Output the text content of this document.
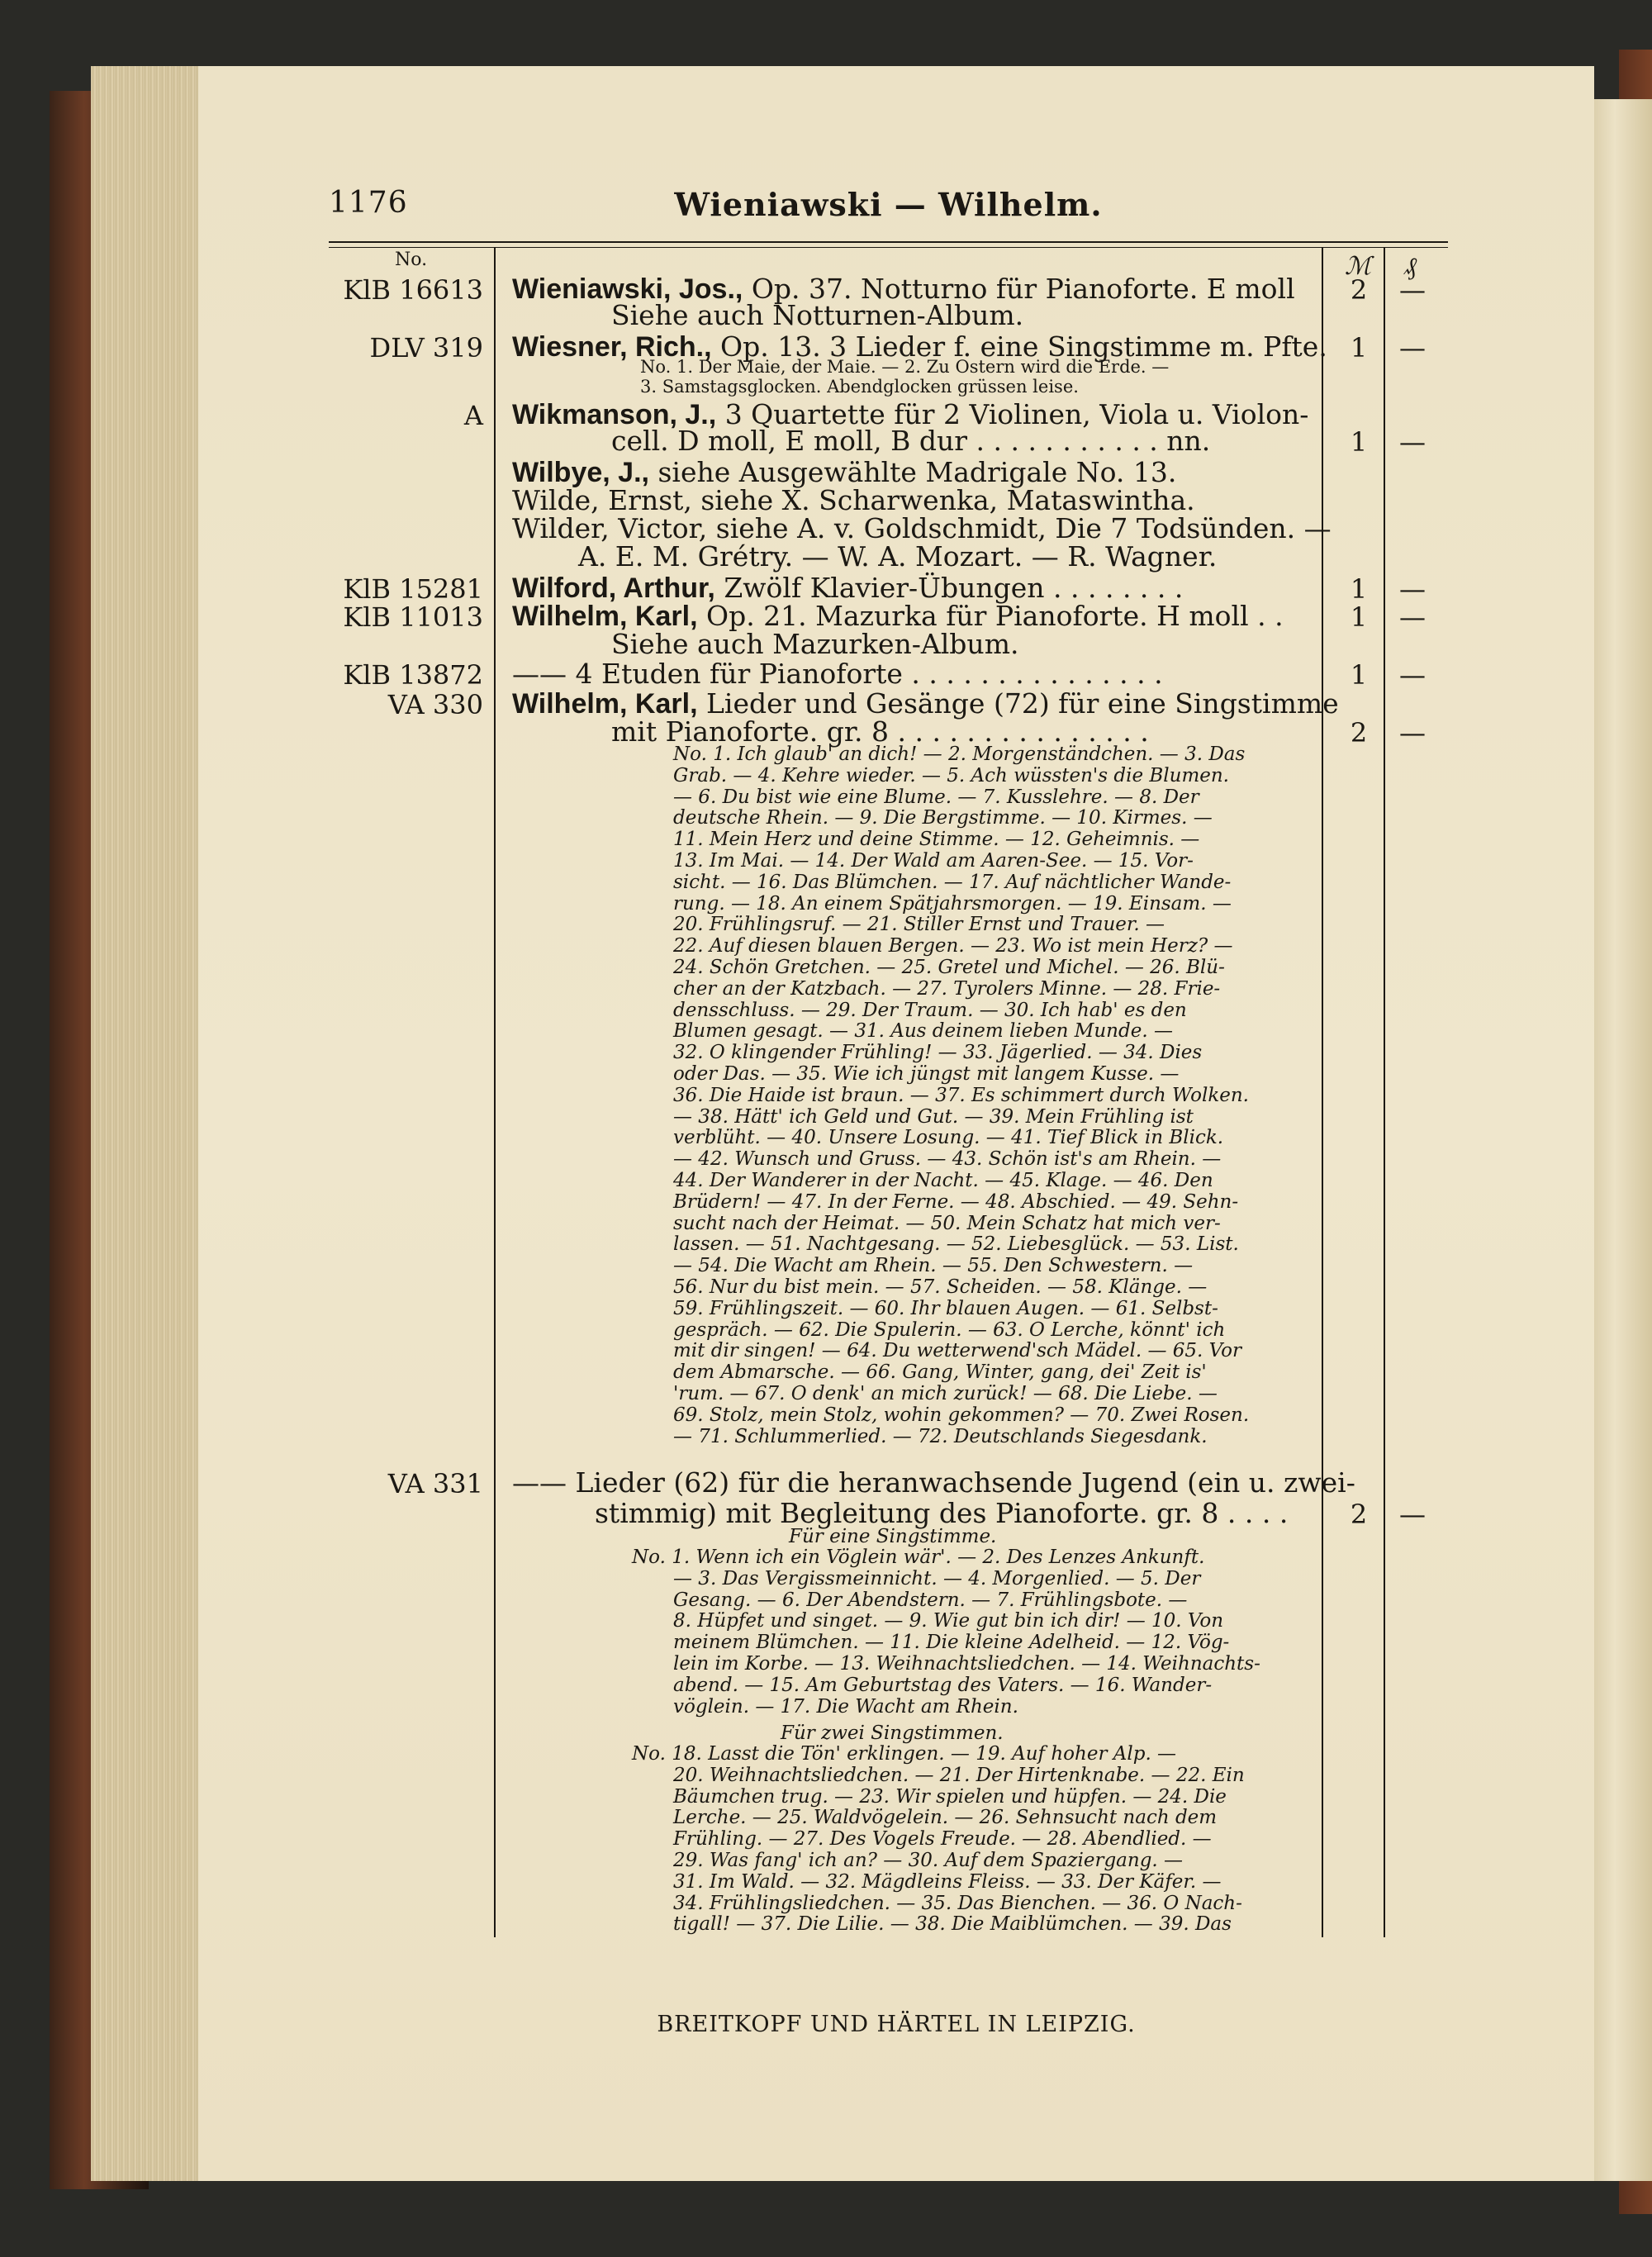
BREITKOPF UND HÄRTEL IN LEIPZIG.
1176	Wieniawski — Wilhelm.
No.	ℳ ₰
KlB 16613 Wieniawski, Jos., Op. 37. Notturno für Pianoforte. E moll	2	—
Siehe auch Notturnen-Album.
DLV 319 Wiesner, Rich., Op. 13. 3 Lieder f. eine Singstimme m. Pfte. 1	—
No. 1. Der Maie, der Maie. — 2. Zu Ostern wird die Erde. —
3. Samstagsglocken. Abendglocken grüssen leise.
A Wikmanson, J., 3 Quartette für 2 Violinen, Viola u. Violon-
cell. D moll, E moll, B dur . . . . . . . . . . . nn.	1	—
Wilbye, J., siehe Ausgewählte Madrigale No. 13.
Wilde, Ernst, siehe X. Scharwenka, Mataswintha.
Wilder, Victor, siehe A. v. Goldschmidt, Die 7 Todsünden. —
A. E. M. Grétry. — W. A. Mozart. — R. Wagner.
KlB 15281 Wilford, Arthur, Zwölf Klavier-Übungen . . . . . . . .	1	—
KlB 11013 Wilhelm, Karl, Op. 21. Mazurka für Pianoforte. H moll . .	1	—
Siehe auch Mazurken-Album.
KlB 13872 —— 4 Etuden für Pianoforte . . . . . . . . . . . . . . .	1	—
VA 330 Wilhelm, Karl, Lieder und Gesänge (72) für eine Singstimme
mit Pianoforte. gr. 8 . . . . . . . . . . . . . . .	2	—
No. 1. Ich glaub' an dich! — 2. Morgenständchen. — 3. Das
Grab. — 4. Kehre wieder. — 5. Ach wüssten's die Blumen.
— 6. Du bist wie eine Blume. — 7. Kusslehre. — 8. Der
deutsche Rhein. — 9. Die Bergstimme. — 10. Kirmes. —
11. Mein Herz und deine Stimme. — 12. Geheimnis. —
13. Im Mai. — 14. Der Wald am Aaren-See. — 15. Vor-
sicht. — 16. Das Blümchen. — 17. Auf nächtlicher Wande-
rung. — 18. An einem Spätjahrsmorgen. — 19. Einsam. —
20. Frühlingsruf. — 21. Stiller Ernst und Trauer. —
22. Auf diesen blauen Bergen. — 23. Wo ist mein Herz? —
24. Schön Gretchen. — 25. Gretel und Michel. — 26. Blü-
cher an der Katzbach. — 27. Tyrolers Minne. — 28. Frie-
densschluss. — 29. Der Traum. — 30. Ich hab' es den
Blumen gesagt. — 31. Aus deinem lieben Munde. —
32. O klingender Frühling! — 33. Jägerlied. — 34. Dies
oder Das. — 35. Wie ich jüngst mit langem Kusse. —
36. Die Haide ist braun. — 37. Es schimmert durch Wolken.
— 38. Hätt' ich Geld und Gut. — 39. Mein Frühling ist
verblüht. — 40. Unsere Losung. — 41. Tief Blick in Blick.
— 42. Wunsch und Gruss. — 43. Schön ist's am Rhein. —
44. Der Wanderer in der Nacht. — 45. Klage. — 46. Den
Brüdern! — 47. In der Ferne. — 48. Abschied. — 49. Sehn-
sucht nach der Heimat. — 50. Mein Schatz hat mich ver-
lassen. — 51. Nachtgesang. — 52. Liebesglück. — 53. List.
— 54. Die Wacht am Rhein. — 55. Den Schwestern. —
56. Nur du bist mein. — 57. Scheiden. — 58. Klänge. —
59. Frühlingszeit. — 60. Ihr blauen Augen. — 61. Selbst-
gespräch. — 62. Die Spulerin. — 63. O Lerche, könnt' ich
mit dir singen! — 64. Du wetterwend'sch Mädel. — 65. Vor
dem Abmarsche. — 66. Gang, Winter, gang, dei' Zeit is'
'rum. — 67. O denk' an mich zurück! — 68. Die Liebe. —
69. Stolz, mein Stolz, wohin gekommen? — 70. Zwei Rosen.
— 71. Schlummerlied. — 72. Deutschlands Siegesdank.
VA 331 —— Lieder (62) für die heranwachsende Jugend (ein u. zwei-
stimmig) mit Begleitung des Pianoforte. gr. 8 . . . .	2	—
Für eine Singstimme.
No. 1. Wenn ich ein Vöglein wär'. — 2. Des Lenzes Ankunft.
— 3. Das Vergissmeinnicht. — 4. Morgenlied. — 5. Der
Gesang. — 6. Der Abendstern. — 7. Frühlingsbote. —
8. Hüpfet und singet. — 9. Wie gut bin ich dir! — 10. Von
meinem Blümchen. — 11. Die kleine Adelheid. — 12. Vög-
lein im Korbe. — 13. Weihnachtsliedchen. — 14. Weihnachts-
abend. — 15. Am Geburtstag des Vaters. — 16. Wander-
vöglein. — 17. Die Wacht am Rhein.
Für zwei Singstimmen.
No. 18. Lasst die Tön' erklingen. — 19. Auf hoher Alp. —
20. Weihnachtsliedchen. — 21. Der Hirtenknabe. — 22. Ein
Bäumchen trug. — 23. Wir spielen und hüpfen. — 24. Die
Lerche. — 25. Waldvögelein. — 26. Sehnsucht nach dem
Frühling. — 27. Des Vogels Freude. — 28. Abendlied. —
29. Was fang' ich an? — 30. Auf dem Spaziergang. —
31. Im Wald. — 32. Mägdleins Fleiss. — 33. Der Käfer. —
34. Frühlingsliedchen. — 35. Das Bienchen. — 36. O Nach-
tigall! — 37. Die Lilie. — 38. Die Maiblümchen. — 39. Das
